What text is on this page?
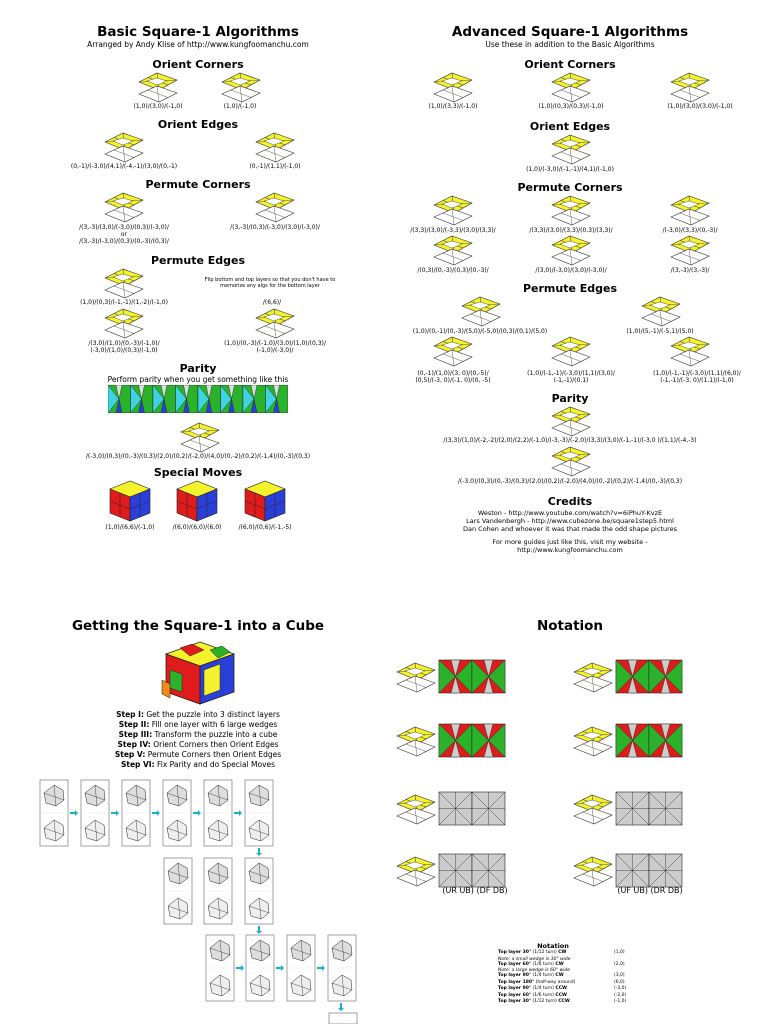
Basic Square-1 Algorithms
Arranged by Andy Klise of http://www.kungfoomanchu.com
Orient Corners
(1,0)/(3,0)/(-1,0)	(1,0)/(-1,0)
Orient Edges
(0,-1)/(-3,0)/(4,1)/(-4,-1)/(3,0)/(0,-1)	(0,-1)/(1,1)/(-1,0)
Permute Corners
/(3,-3)/(3,0)/(-3,0)/(0,3)/(-3,0)/
or
/(3,-3)/(-3,0)/(0,3)/(0,-3)/(0,3)/
/(3,-3)/(0,3)/(-3,0)/(3,0)/(-3,0)/
Permute Edges
Flip bottom and top layers so that you don't have to
memorize any algs for the bottom layer
(1,0)/(0,3)/(-1,-1)/(1,-2)/(-1,0)	/(6,6)/
/(3,0)/(1,0)/(0,-3)/(-1,0)/
(-3,0)/(1,0)/(0,3)/(-1,0)
(1,0)/(0,-3)/(-1,0)/(3,0)/(1,0)/(0,3)/
(-1,0)/(-3,0)/
Parity
Perform parity when you get something like this
/(-3,0)/(0,3)/(0,-3)/(0,3)/(2,0)/(0,2)/(-2,0)/(4,0)/(0,-2)/(0,2)/(-1,4)/(0,-3)/(0,3)
Special Moves
(1,0)/(6,6)/(-1,0)	/(6,0)/(6,0)/(6,0)	/(6,0)/(0,6)/(-1,-5)
Advanced Square-1 Algorithms
Use these in addition to the Basic Algorithms
Orient Corners
(1,0)/(3,3)/(-1,0)	(1,0)/(0,3)/(0,3)/(-1,0)	(1,0)/(3,0)/(3,0)/(-1,0)
Orient Edges
(1,0)/(-3,0)/(-1,-1)/(4,1)/(-1,0)
Permute Corners
/(3,3)/(3,0)/(-3,3)/(3,0)/(3,3)/	/(3,3)/(3,0)/(3,3)/(0,3)/(3,3)/	/(-3,0)/(3,3)/(0,-3)/
/(0,3)/(0,-3)/(0,3)/(0,-3)/	/(3,0)/(-3,0)/(3,0)/(-3,0)/	/(3,-3)/(3,-3)/
Permute Edges
(1,0)/(0,-1)/(0,-3)/(5,0)/(-5,0)/(0,3)/(0,1)/(5,0)	(1,0)/(5,-1)/(-5,1)/(5,0)
(0,-1)/(1,0)/(3, 0)/(0,-5)/
(0,5)/(-3, 0)/(-1, 0)/(0, -5)
(1,0)/(-1,-1)/(-3,0)/(1,1)/(3,0)/
(-1,-1)/(0,1)
(1,0)/(-1,-1)/(-3,0)/(1,1)/(6,0)/
(-1,-1)/(-3, 0)/(1,1)/(-1,0)
Parity
/(3,3)/(1,0)/(-2,-2)/(2,0)/(2,2)/(-1,0)/(-3,-3)/(-2,0)/(3,3)/(3,0)/(-1,-1)/(-3,0 )/(1,1)/(-4,-3)
/(-3,0)/(0,3)/(0,-3)/(0,3)/(2,0)/(0,2)/(-2,0)/(4,0)/(0,-2)/(0,2)/(-1,4)/(0,-3)/(0,3)
Credits
Weston - http://www.youtube.com/watch?v=6iPhuY-KvzE
Lars Vandenbergh - http://www.cubezone.be/square1step5.html
Dan Cohen and whoever it was that made the odd shape pictures
For more guides just like this, visit my website -
http://www.kungfoomanchu.com
Getting the Square-1 into a Cube
Step I: Get the puzzle into 3 distinct layers
Step II: Fill one layer with 6 large wedges
Step III: Transform the puzzle into a cube
Step IV: Orient Corners then Orient Edges
Step V: Permute Corners then Orient Edges
Step VI: Fix Parity and do Special Moves
Notation
(UR UB) (DF DB)	(UF UB) (DR DB)
Notation
Top layer 30° (1/12 turn) CW	(1,0)
Note: a small wedge is 30° wide
Top layer 60° (1/6 turn) CW	(2,0)
Note: a large wedge is 60° wide
Top layer 90° (1/4 turn) CW	(3,0)
Top layer 180° (half-way around)	(6,0)
Top layer 90° (1/4 turn) CCW	(-3,0)
Top layer 60° (1/6 turn) CCW	(-2,0)
Top layer 30° (1/12 turn) CCW	(-1,0)
